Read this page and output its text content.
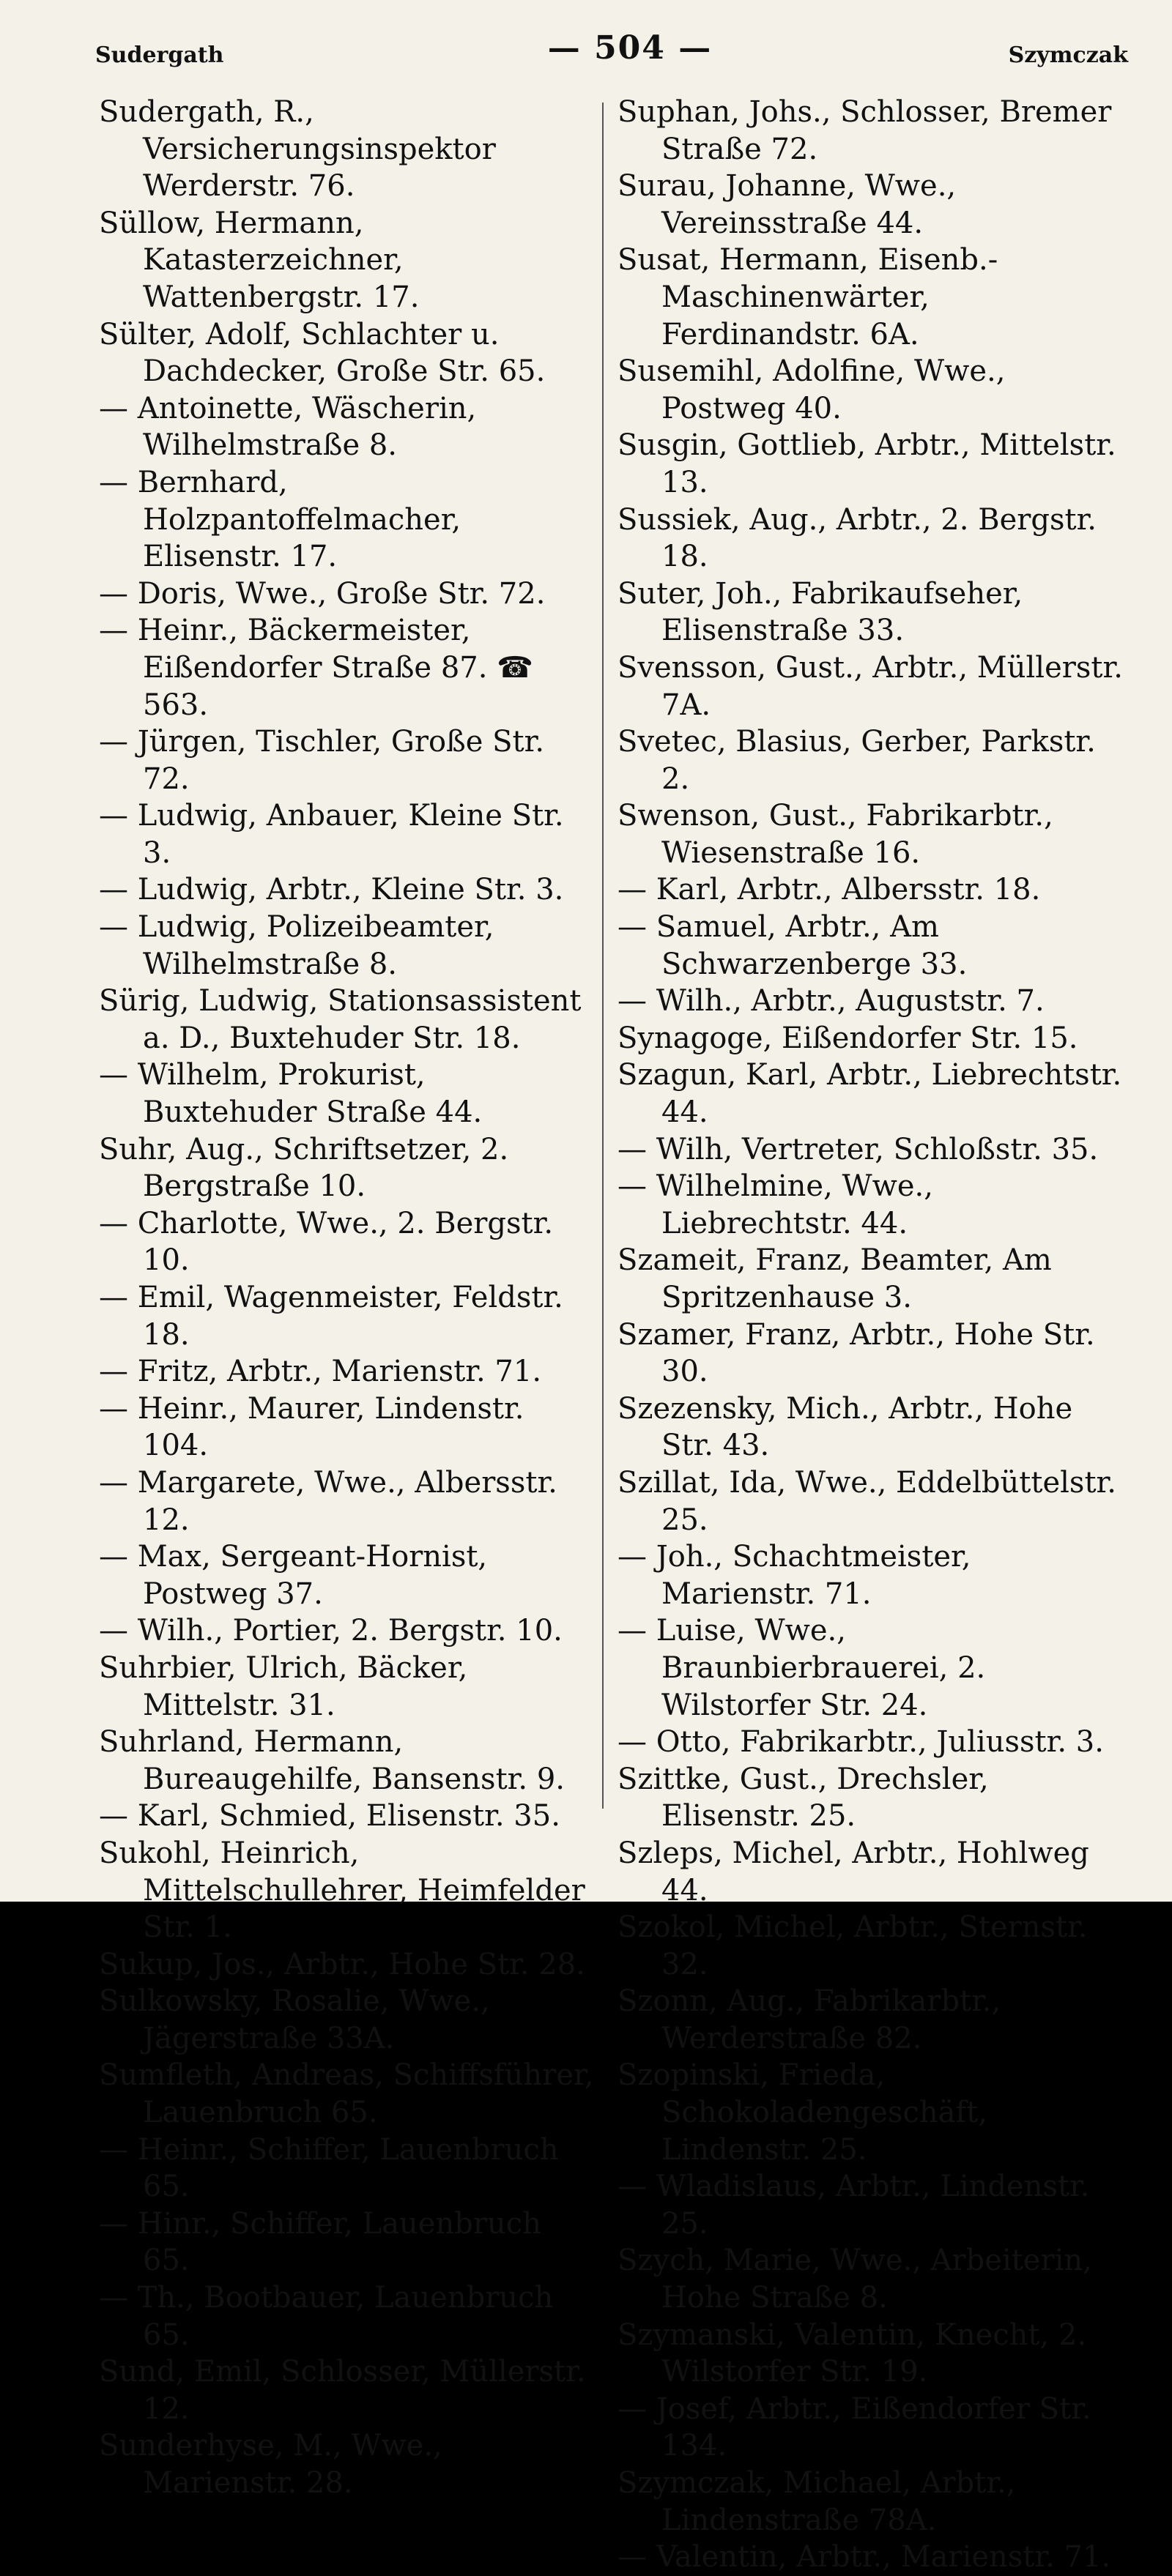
Sudergath	— 504 —	Szymczak
Sudergath, R., Versicherungsinspektor Werderstr. 76.
Süllow, Hermann, Katasterzeichner, Wattenbergstr. 17.
Sülter, Adolf, Schlachter u. Dachdecker, Große Str. 65.
— Antoinette, Wäscherin, Wilhelmstraße 8.
— Bernhard, Holzpantoffelmacher, Elisenstr. 17.
— Doris, Wwe., Große Str. 72.
— Heinr., Bäckermeister, Eißendorfer Straße 87. ☎ 563.
— Jürgen, Tischler, Große Str. 72.
— Ludwig, Anbauer, Kleine Str. 3.
— Ludwig, Arbtr., Kleine Str. 3.
— Ludwig, Polizeibeamter, Wilhelmstraße 8.
Sürig, Ludwig, Stationsassistent a. D., Buxtehuder Str. 18.
— Wilhelm, Prokurist, Buxtehuder Straße 44.
Suhr, Aug., Schriftsetzer, 2. Bergstraße 10.
— Charlotte, Wwe., 2. Bergstr. 10.
— Emil, Wagenmeister, Feldstr. 18.
— Fritz, Arbtr., Marienstr. 71.
— Heinr., Maurer, Lindenstr. 104.
— Margarete, Wwe., Albersstr. 12.
— Max, Sergeant-Hornist, Postweg 37.
— Wilh., Portier, 2. Bergstr. 10.
Suhrbier, Ulrich, Bäcker, Mittelstr. 31.
Suhrland, Hermann, Bureaugehilfe, Bansenstr. 9.
— Karl, Schmied, Elisenstr. 35.
Sukohl, Heinrich, Mittelschullehrer, Heimfelder Str. 1.
Sukup, Jos., Arbtr., Hohe Str. 28.
Sulkowsky, Rosalie, Wwe., Jägerstraße 33A.
Sumfleth, Andreas, Schiffsführer, Lauenbruch 65.
— Heinr., Schiffer, Lauenbruch 65.
— Hinr., Schiffer, Lauenbruch 65.
— Th., Bootbauer, Lauenbruch 65.
Sund, Emil, Schlosser, Müllerstr. 12.
Sunderhyse, M., Wwe., Marienstr. 28.
Suphan, Johs., Schlosser, Bremer Straße 72.
Surau, Johanne, Wwe., Vereinsstraße 44.
Susat, Hermann, Eisenb.-Maschinenwärter, Ferdinandstr. 6A.
Susemihl, Adolfine, Wwe., Postweg 40.
Susgin, Gottlieb, Arbtr., Mittelstr. 13.
Sussiek, Aug., Arbtr., 2. Bergstr. 18.
Suter, Joh., Fabrikaufseher, Elisenstraße 33.
Svensson, Gust., Arbtr., Müllerstr. 7A.
Svetec, Blasius, Gerber, Parkstr. 2.
Swenson, Gust., Fabrikarbtr., Wiesenstraße 16.
— Karl, Arbtr., Albersstr. 18.
— Samuel, Arbtr., Am Schwarzenberge 33.
— Wilh., Arbtr., Auguststr. 7.
Synagoge, Eißendorfer Str. 15.
Szagun, Karl, Arbtr., Liebrechtstr. 44.
— Wilh, Vertreter, Schloßstr. 35.
— Wilhelmine, Wwe., Liebrechtstr. 44.
Szameit, Franz, Beamter, Am Spritzenhause 3.
Szamer, Franz, Arbtr., Hohe Str. 30.
Szezensky, Mich., Arbtr., Hohe Str. 43.
Szillat, Ida, Wwe., Eddelbüttelstr. 25.
— Joh., Schachtmeister, Marienstr. 71.
— Luise, Wwe., Braunbierbrauerei, 2. Wilstorfer Str. 24.
— Otto, Fabrikarbtr., Juliusstr. 3.
Szittke, Gust., Drechsler, Elisenstr. 25.
Szleps, Michel, Arbtr., Hohlweg 44.
Szokol, Michel, Arbtr., Sternstr. 32.
Szonn, Aug., Fabrikarbtr., Werderstraße 82.
Szopinski, Frieda, Schokoladengeschäft, Lindenstr. 25.
— Wladislaus, Arbtr., Lindenstr. 25.
Szych, Marie, Wwe., Arbeiterin, Hohe Straße 8.
Szymanski, Valentin, Knecht, 2. Wilstorfer Str. 19.
— Josef, Arbtr., Eißendorfer Str. 134.
Szymczak, Michael, Arbtr., Lindenstraße 78A.
— Valentin, Arbtr., Marienstr. 71.
